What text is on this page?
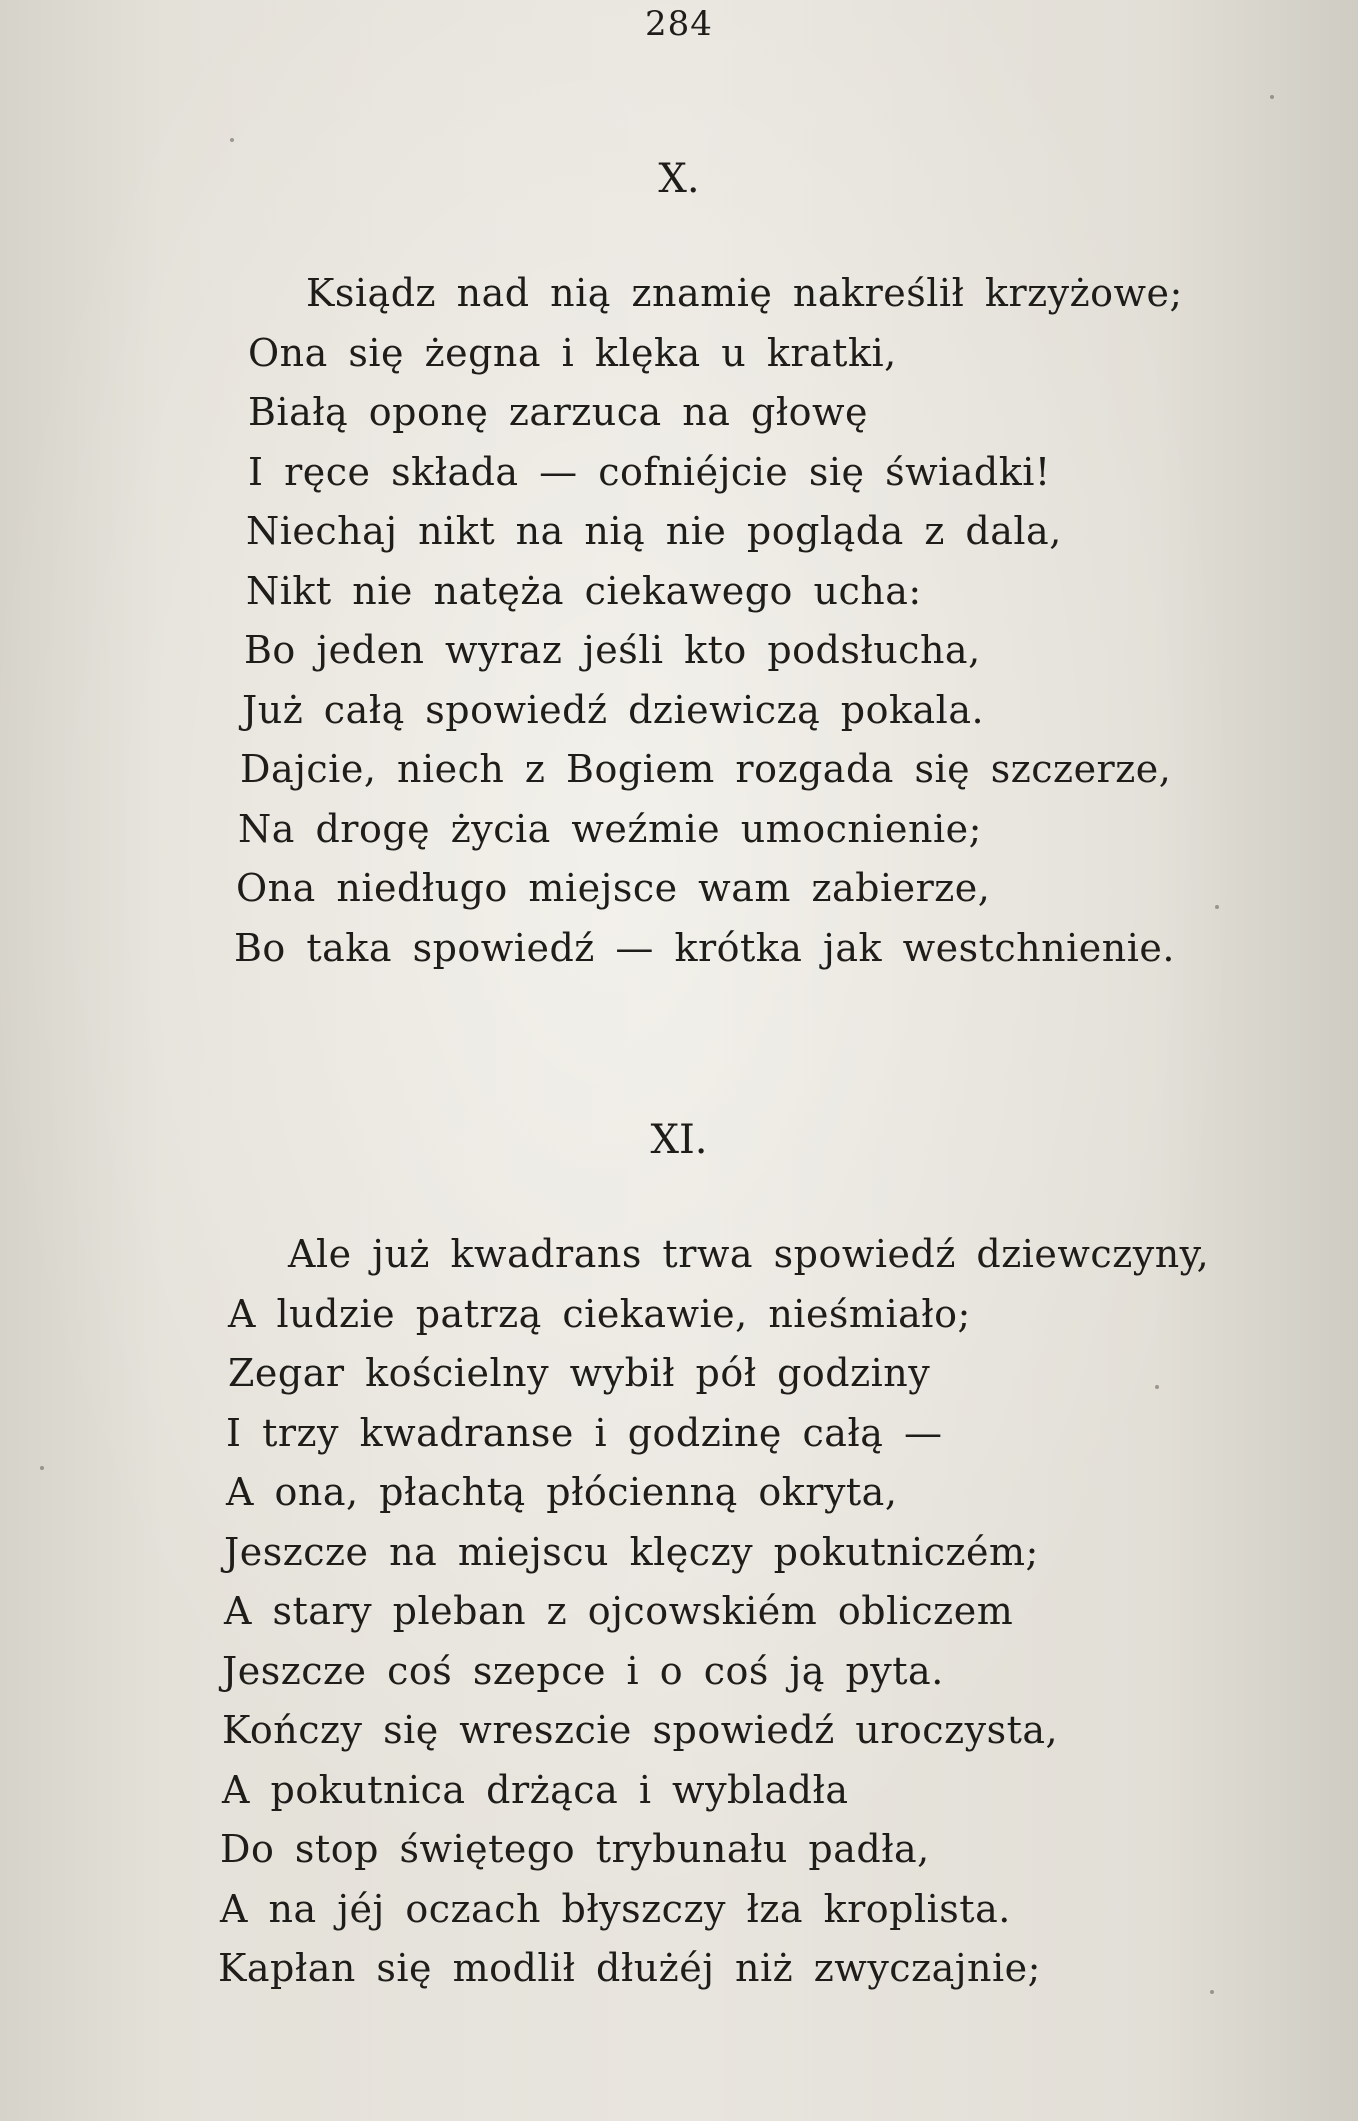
284
X.
Ksiądz nad nią znamię nakreślił krzyżowe;
Ona się żegna i klęka u kratki,
Białą oponę zarzuca na głowę
I ręce składa — cofniéjcie się świadki!
Niechaj nikt na nią nie pogląda z dala,
Nikt nie natęża ciekawego ucha:
Bo jeden wyraz jeśli kto podsłucha,
Już całą spowiedź dziewiczą pokala.
Dajcie, niech z Bogiem rozgada się szczerze,
Na drogę życia weźmie umocnienie;
Ona niedługo miejsce wam zabierze,
Bo taka spowiedź — krótka jak westchnienie.
XI.
Ale już kwadrans trwa spowiedź dziewczyny,
A ludzie patrzą ciekawie, nieśmiało;
Zegar kościelny wybił pół godziny
I trzy kwadranse i godzinę całą —
A ona, płachtą płócienną okryta,
Jeszcze na miejscu klęczy pokutniczém;
A stary pleban z ojcowskiém obliczem
Jeszcze coś szepce i o coś ją pyta.
Kończy się wreszcie spowiedź uroczysta,
A pokutnica drżąca i wybladła
Do stop świętego trybunału padła,
A na jéj oczach błyszczy łza kroplista.
Kapłan się modlił dłużéj niż zwyczajnie;
